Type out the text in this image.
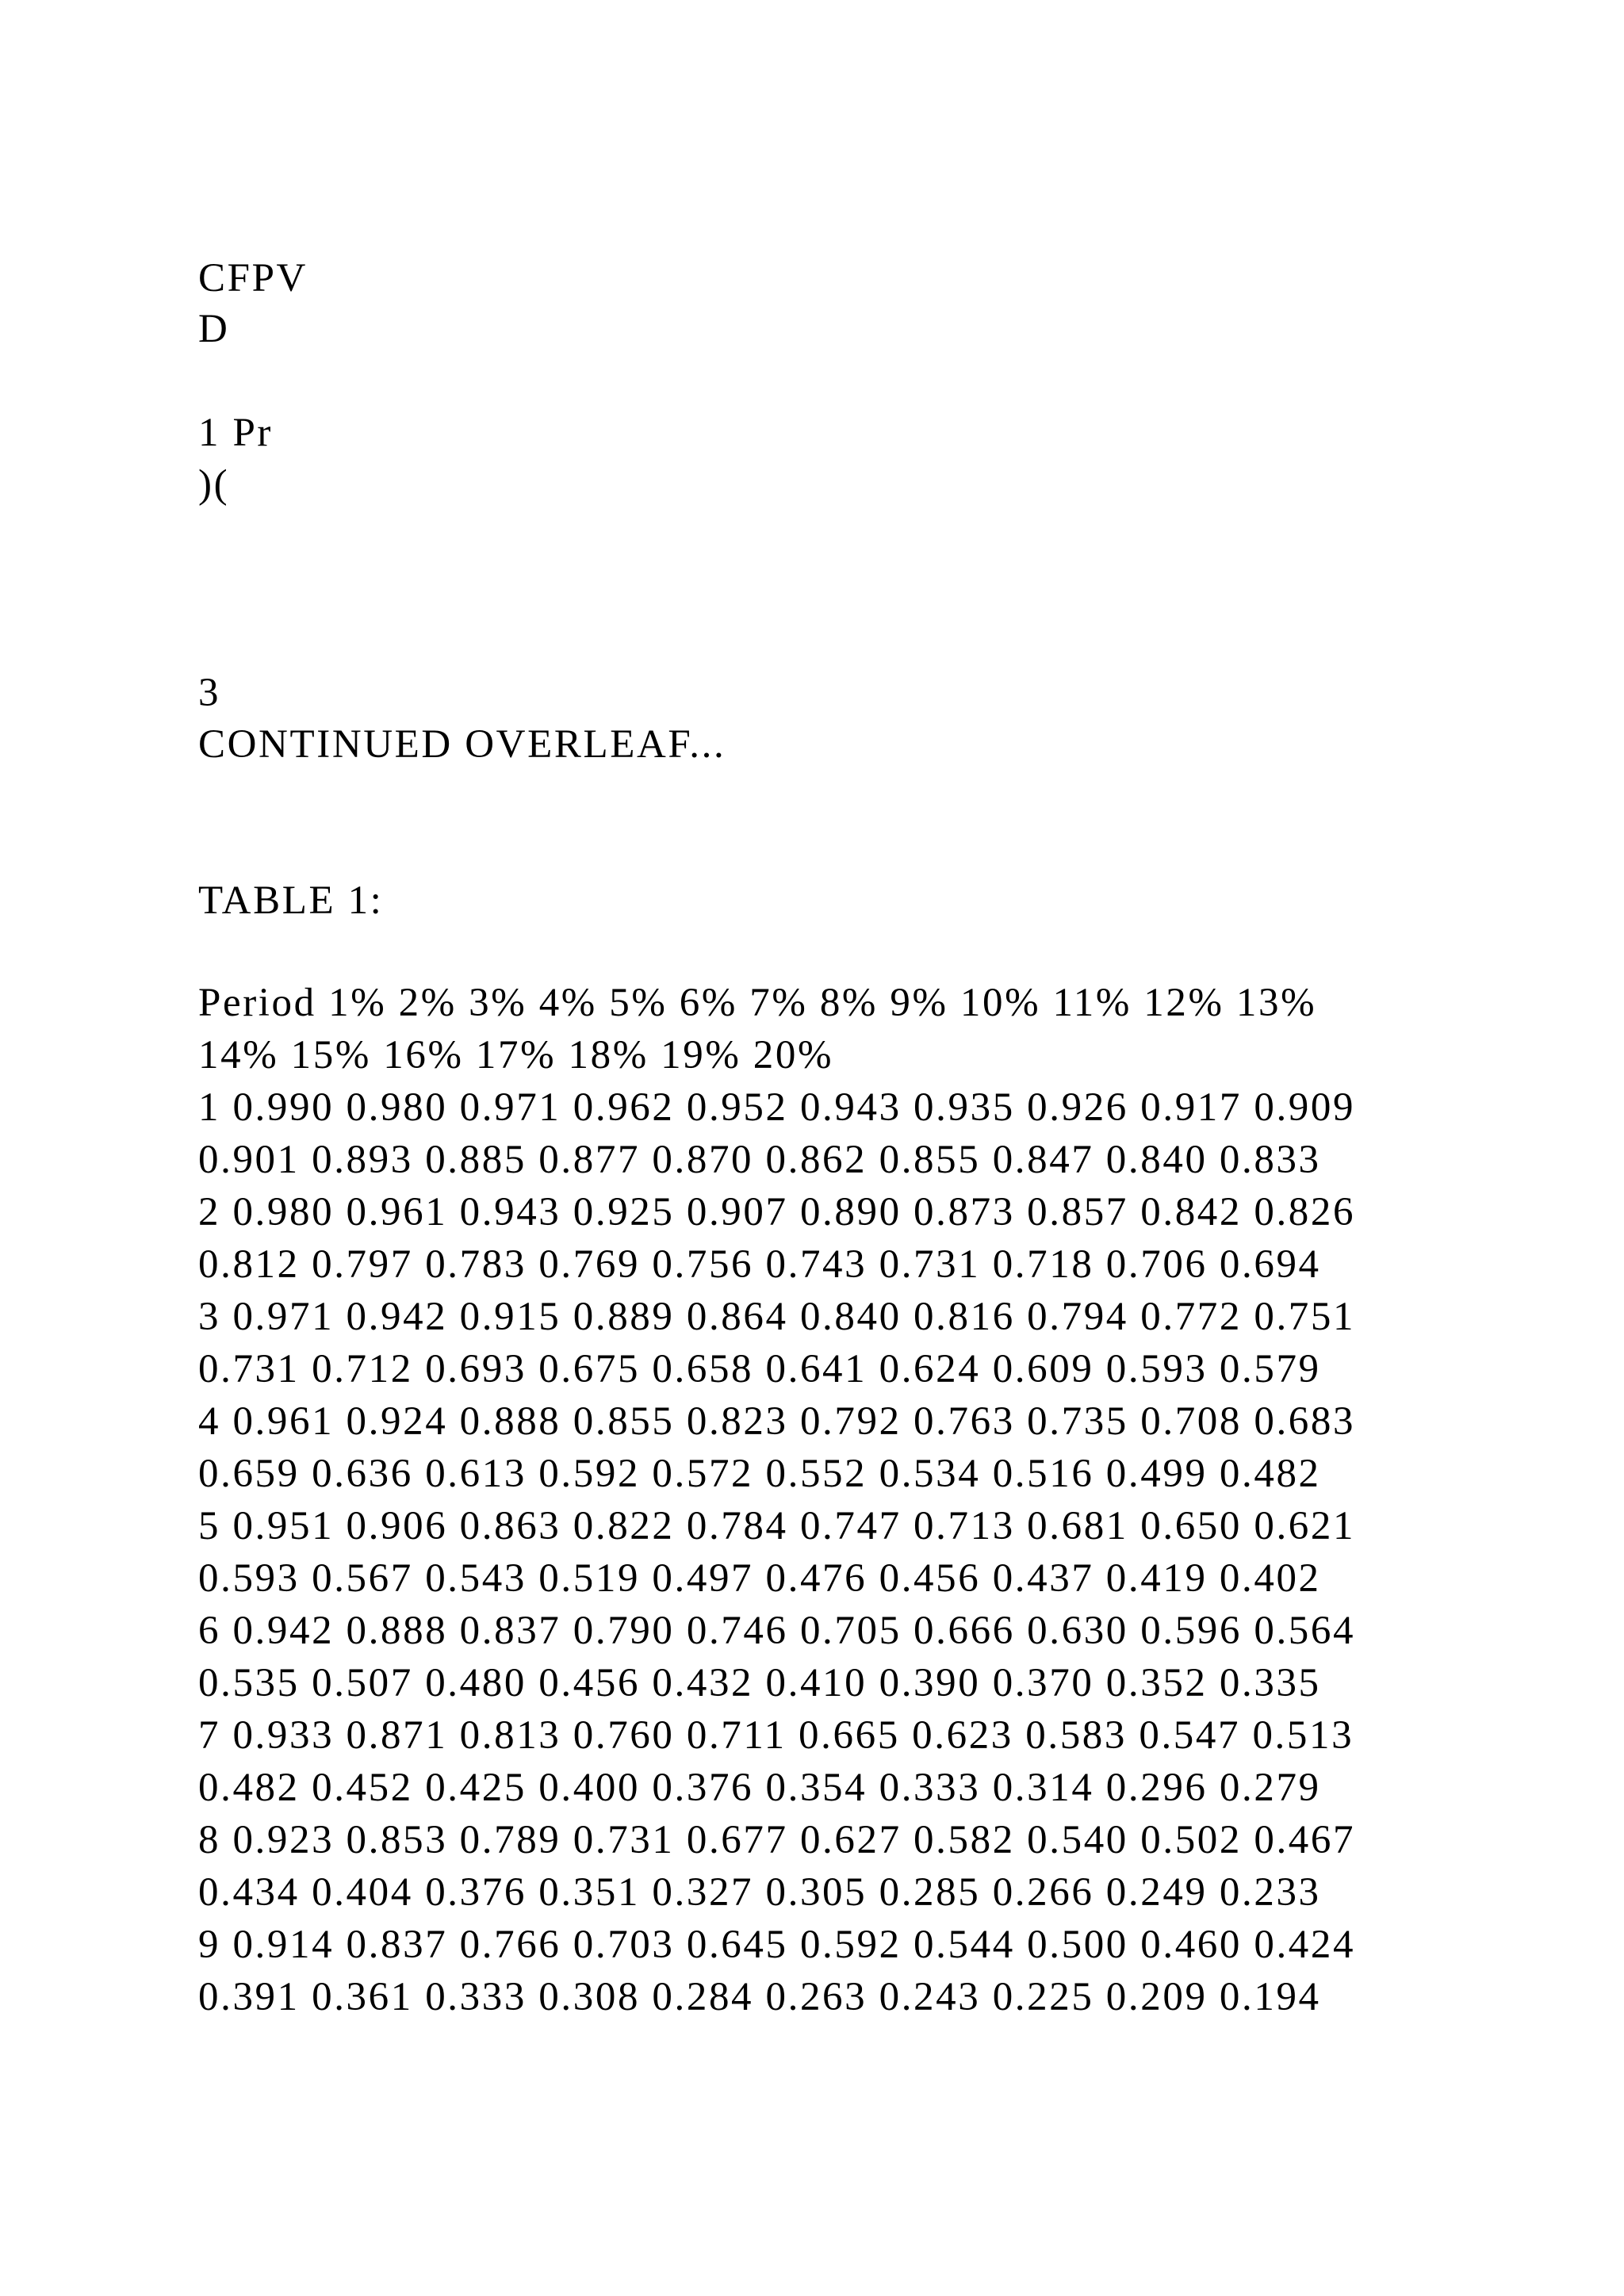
CFPV
D
1 Pr
)(
3
CONTINUED OVERLEAF...
TABLE 1:
Period 1% 2% 3% 4% 5% 6% 7% 8% 9% 10% 11% 12% 13%
14% 15% 16% 17% 18% 19% 20%
1 0.990 0.980 0.971 0.962 0.952 0.943 0.935 0.926 0.917 0.909
0.901 0.893 0.885 0.877 0.870 0.862 0.855 0.847 0.840 0.833
2 0.980 0.961 0.943 0.925 0.907 0.890 0.873 0.857 0.842 0.826
0.812 0.797 0.783 0.769 0.756 0.743 0.731 0.718 0.706 0.694
3 0.971 0.942 0.915 0.889 0.864 0.840 0.816 0.794 0.772 0.751
0.731 0.712 0.693 0.675 0.658 0.641 0.624 0.609 0.593 0.579
4 0.961 0.924 0.888 0.855 0.823 0.792 0.763 0.735 0.708 0.683
0.659 0.636 0.613 0.592 0.572 0.552 0.534 0.516 0.499 0.482
5 0.951 0.906 0.863 0.822 0.784 0.747 0.713 0.681 0.650 0.621
0.593 0.567 0.543 0.519 0.497 0.476 0.456 0.437 0.419 0.402
6 0.942 0.888 0.837 0.790 0.746 0.705 0.666 0.630 0.596 0.564
0.535 0.507 0.480 0.456 0.432 0.410 0.390 0.370 0.352 0.335
7 0.933 0.871 0.813 0.760 0.711 0.665 0.623 0.583 0.547 0.513
0.482 0.452 0.425 0.400 0.376 0.354 0.333 0.314 0.296 0.279
8 0.923 0.853 0.789 0.731 0.677 0.627 0.582 0.540 0.502 0.467
0.434 0.404 0.376 0.351 0.327 0.305 0.285 0.266 0.249 0.233
9 0.914 0.837 0.766 0.703 0.645 0.592 0.544 0.500 0.460 0.424
0.391 0.361 0.333 0.308 0.284 0.263 0.243 0.225 0.209 0.194
